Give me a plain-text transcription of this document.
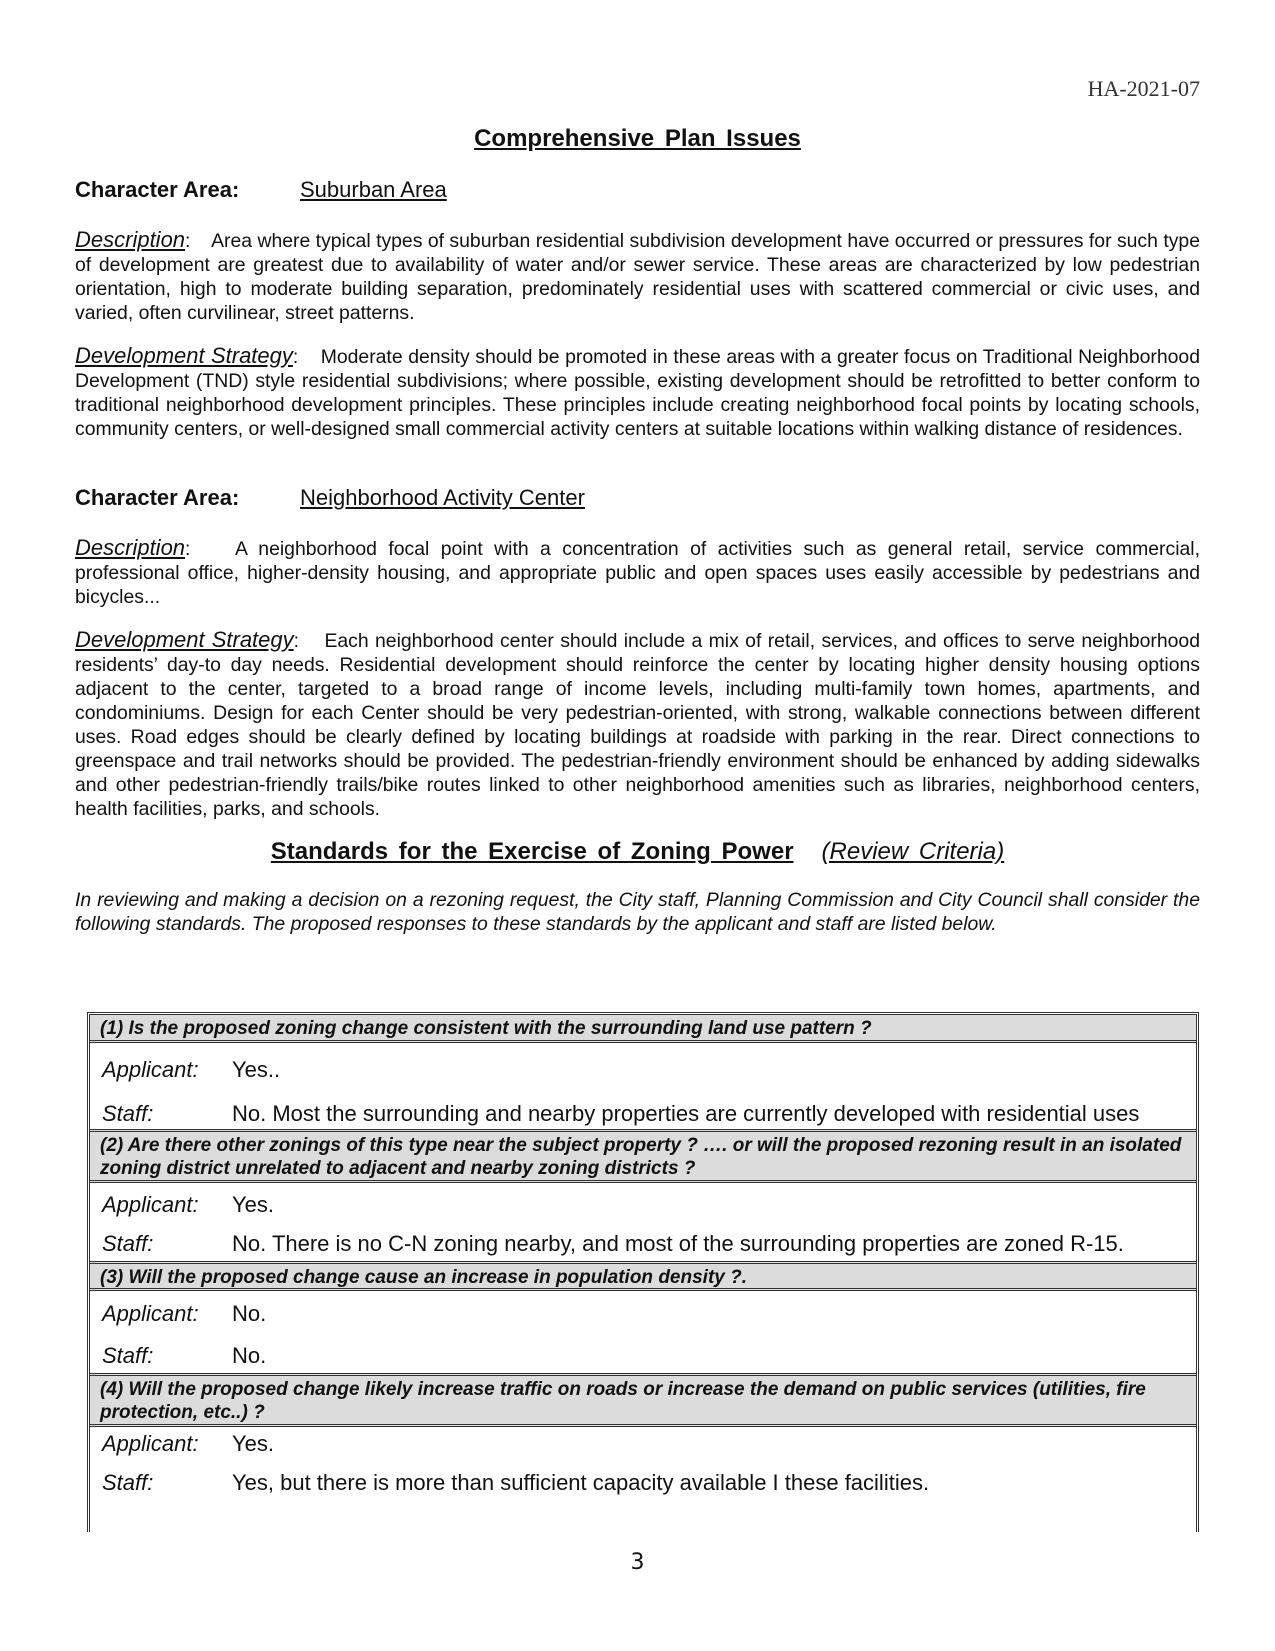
HA-2021-07
Comprehensive Plan Issues
Character Area:	Suburban Area
Description:    Area where typical types of suburban residential subdivision development have occurred or pressures for such type of development are greatest due to availability of water and/or sewer service. These areas are characterized by low pedestrian orientation, high to moderate building separation, predominately residential uses with scattered commercial or civic uses, and varied, often curvilinear, street patterns.
Development Strategy:    Moderate density should be promoted in these areas with a greater focus on Traditional Neighborhood Development (TND) style residential subdivisions; where possible, existing development should be retrofitted to better conform to traditional neighborhood development principles. These principles include creating neighborhood focal points by locating schools, community centers, or well-designed small commercial activity centers at suitable locations within walking distance of residences.
Character Area:	Neighborhood Activity Center
Description:    A neighborhood focal point with a concentration of activities such as general retail, service commercial, professional office, higher-density housing, and appropriate public and open spaces uses easily accessible by pedestrians and bicycles...
Development Strategy:    Each neighborhood center should include a mix of retail, services, and offices to serve neighborhood residents’ day-to day needs. Residential development should reinforce the center by locating higher density housing options adjacent to the center, targeted to a broad range of income levels, including multi-family town homes, apartments, and condominiums. Design for each Center should be very pedestrian-oriented, with strong, walkable connections between different uses. Road edges should be clearly defined by locating buildings at roadside with parking in the rear. Direct connections to greenspace and trail networks should be provided. The pedestrian-friendly environment should be enhanced by adding sidewalks and other pedestrian-friendly trails/bike routes linked to other neighborhood amenities such as libraries, neighborhood centers, health facilities, parks, and schools.
Standards for the Exercise of Zoning Power (Review Criteria)
In reviewing and making a decision on a rezoning request, the City staff, Planning Commission and City Council shall consider the following standards. The proposed responses to these standards by the applicant and staff are listed below.
(1) Is the proposed zoning change consistent with the surrounding land use pattern ?
Applicant: Yes..
Staff:	No. Most the surrounding and nearby properties are currently developed with residential uses
(2) Are there other zonings of this type near the subject property ? …. or will the proposed rezoning result in an isolated zoning district unrelated to adjacent and nearby zoning districts ?
Applicant: Yes.
Staff:	No. There is no C-N zoning nearby, and most of the surrounding properties are zoned R-15.
(3) Will the proposed change cause an increase in population density ?.
Applicant: No.
Staff:	No.
(4) Will the proposed change likely increase traffic on roads or increase the demand on public services (utilities, fire protection, etc..) ?
Applicant: Yes.
Staff:	Yes, but there is more than sufficient capacity available I these facilities.
3
